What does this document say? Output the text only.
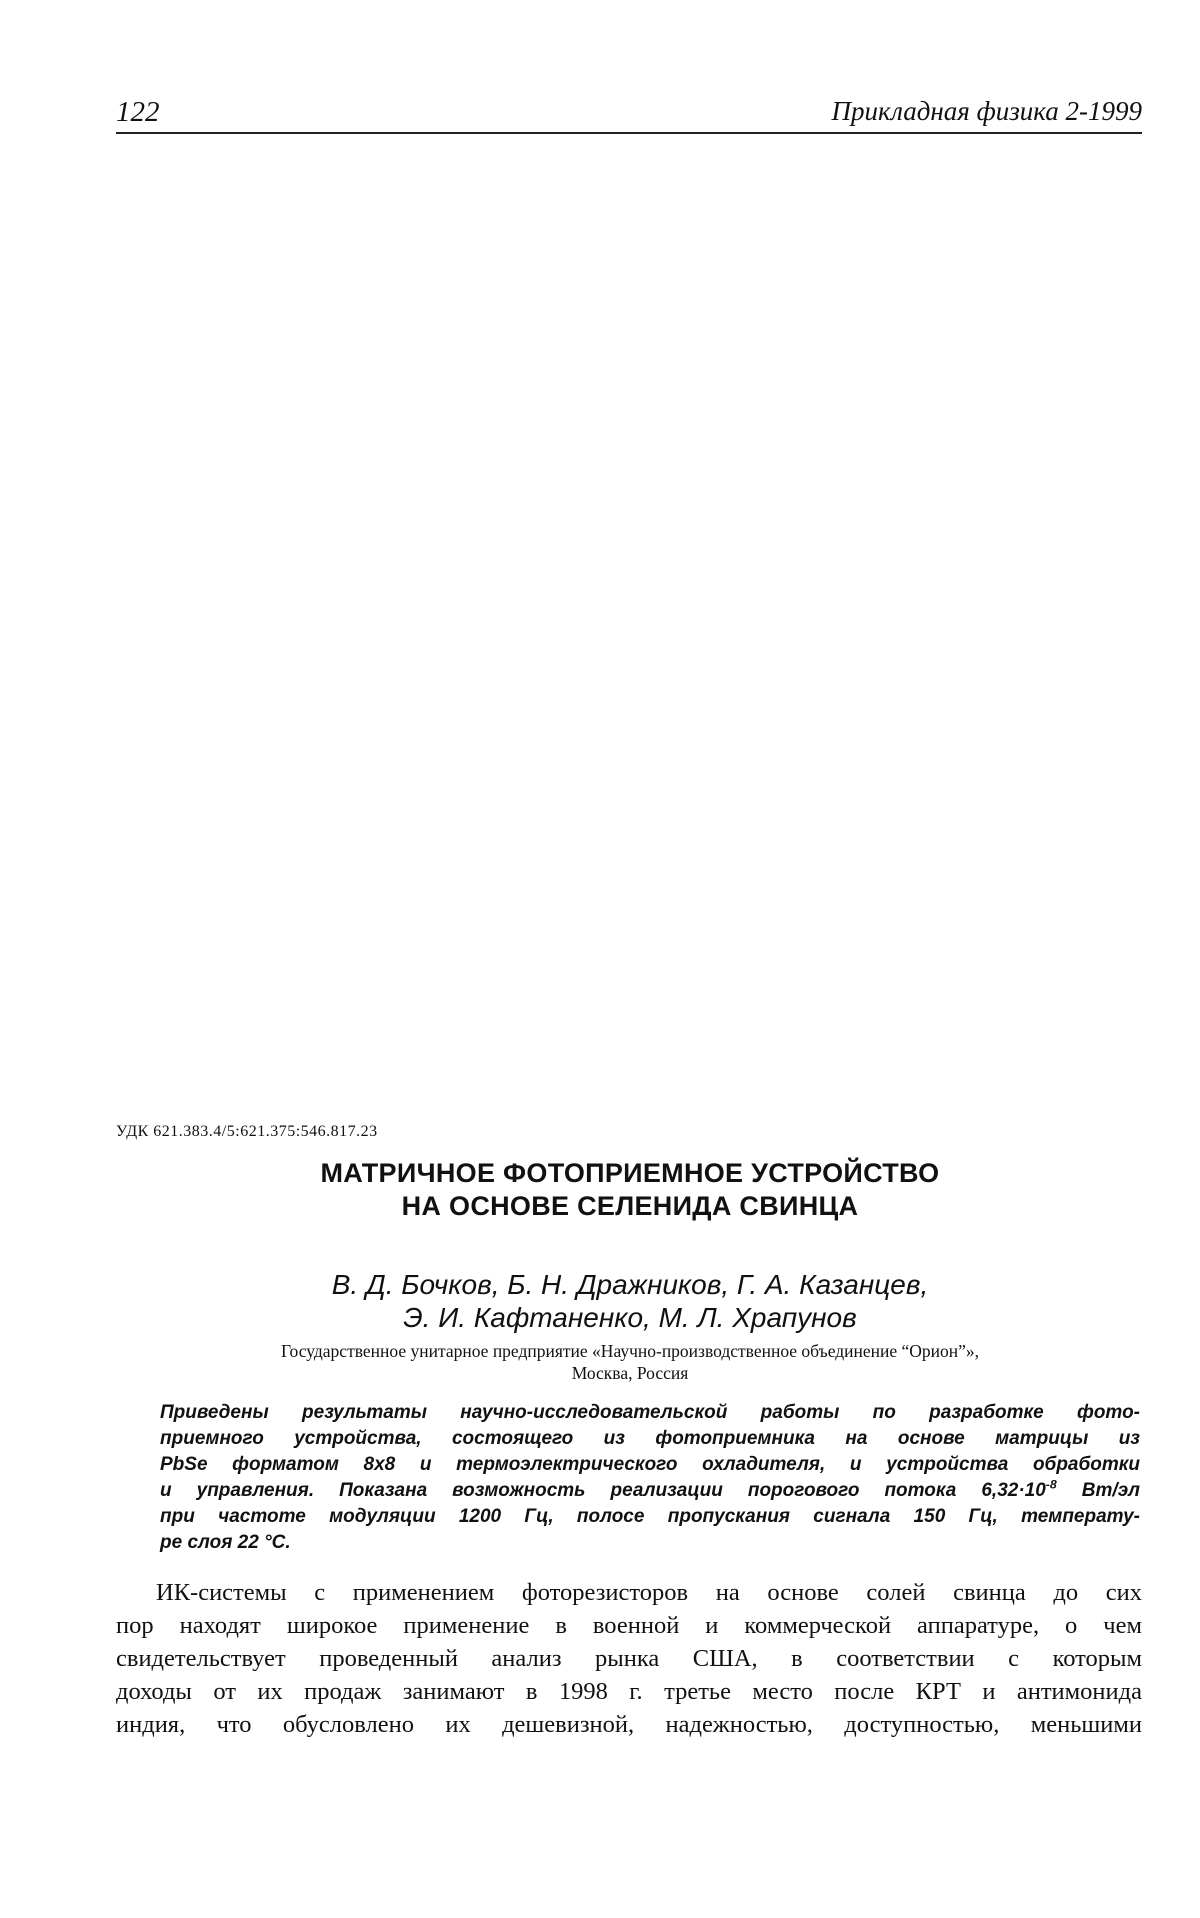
122	Прикладная физика 2-1999
УДК 621.383.4/5:621.375:546.817.23
МАТРИЧНОЕ ФОТОПРИЕМНОЕ УСТРОЙСТВО
НА ОСНОВЕ СЕЛЕНИДА СВИНЦА
В. Д. Бочков, Б. Н. Дражников, Г. А. Казанцев,
Э. И. Кафтаненко, М. Л. Храпунов
Государственное унитарное предприятие «Научно-производственное объединение “Орион”»,
Москва, Россия
Приведены результаты научно-исследовательской работы по разработке фото-
приемного устройства, состоящего из фотоприемника на основе матрицы из
PbSe форматом 8х8 и термоэлектрического охладителя, и устройства обработки
и управления. Показана возможность реализации порогового потока $6,32\cdot 10^{-8}$ Вт/эл
при частоте модуляции 1200 Гц, полосе пропускания сигнала 150 Гц, температу-
ре слоя 22 °С.
ИК-системы с применением фоторезисторов на основе солей свинца до сих
пор находят широкое применение в военной и коммерческой аппаратуре, о чем
свидетельствует проведенный анализ рынка США, в соответствии с которым
доходы от их продаж занимают в 1998 г. третье место после КРТ и антимонида
индия, что обусловлено их дешевизной, надежностью, доступностью, меньшими
